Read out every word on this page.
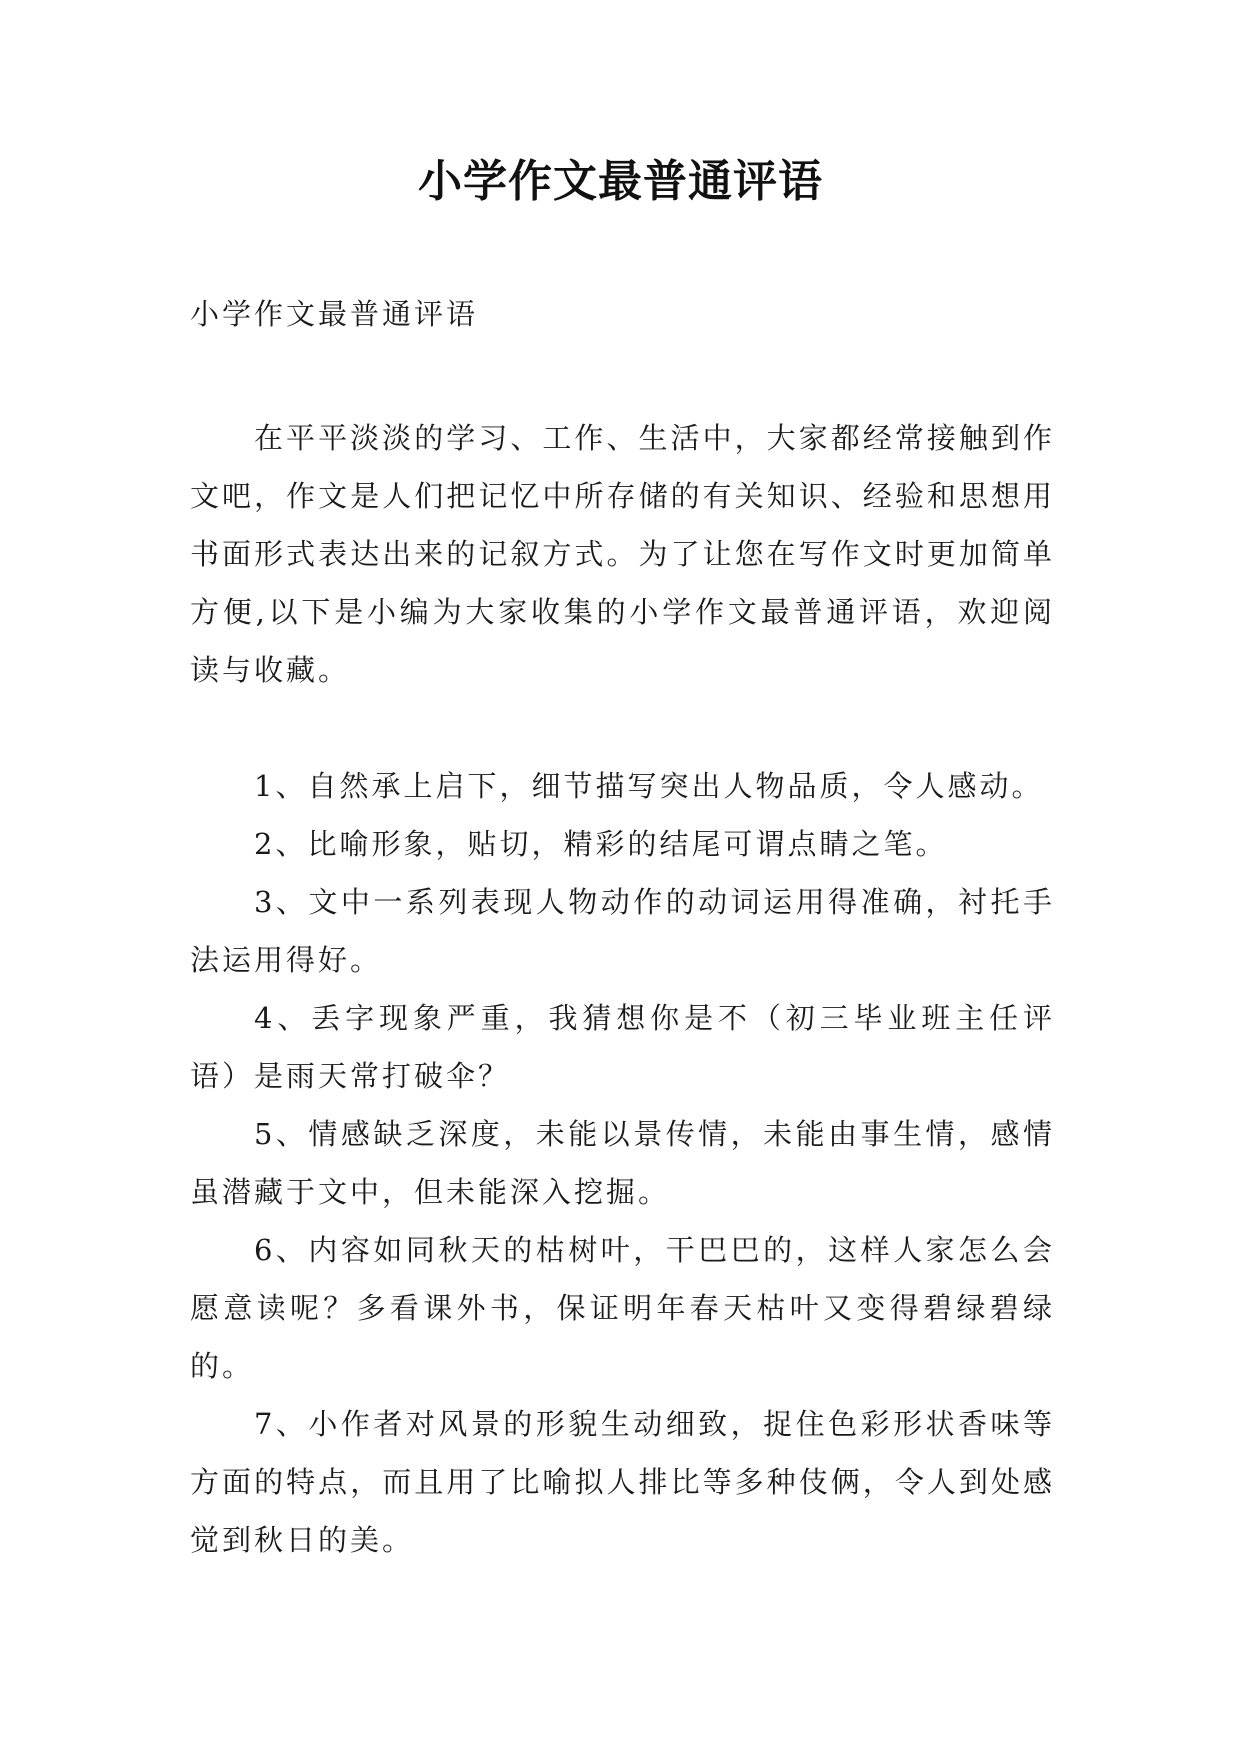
小学作文最普通评语

小学作文最普通评语

在平平淡淡的学习、工作、生活中，大家都经常接触到作文吧，作文是人们把记忆中所存储的有关知识、经验和思想用书面形式表达出来的记叙方式。为了让您在写作文时更加简单方便,以下是小编为大家收集的小学作文最普通评语，欢迎阅读与收藏。

1、自然承上启下，细节描写突出人物品质，令人感动。

2、比喻形象，贴切，精彩的结尾可谓点睛之笔。

3、文中一系列表现人物动作的动词运用得准确，衬托手法运用得好。

4、丢字现象严重，我猜想你是不（初三毕业班主任评语）是雨天常打破伞？

5、情感缺乏深度，未能以景传情，未能由事生情，感情虽潜藏于文中，但未能深入挖掘。

6、内容如同秋天的枯树叶，干巴巴的，这样人家怎么会愿意读呢？多看课外书，保证明年春天枯叶又变得碧绿碧绿的。

7、小作者对风景的形貌生动细致，捉住色彩形状香味等方面的特点，而且用了比喻拟人排比等多种伎俩，令人到处感觉到秋日的美。
